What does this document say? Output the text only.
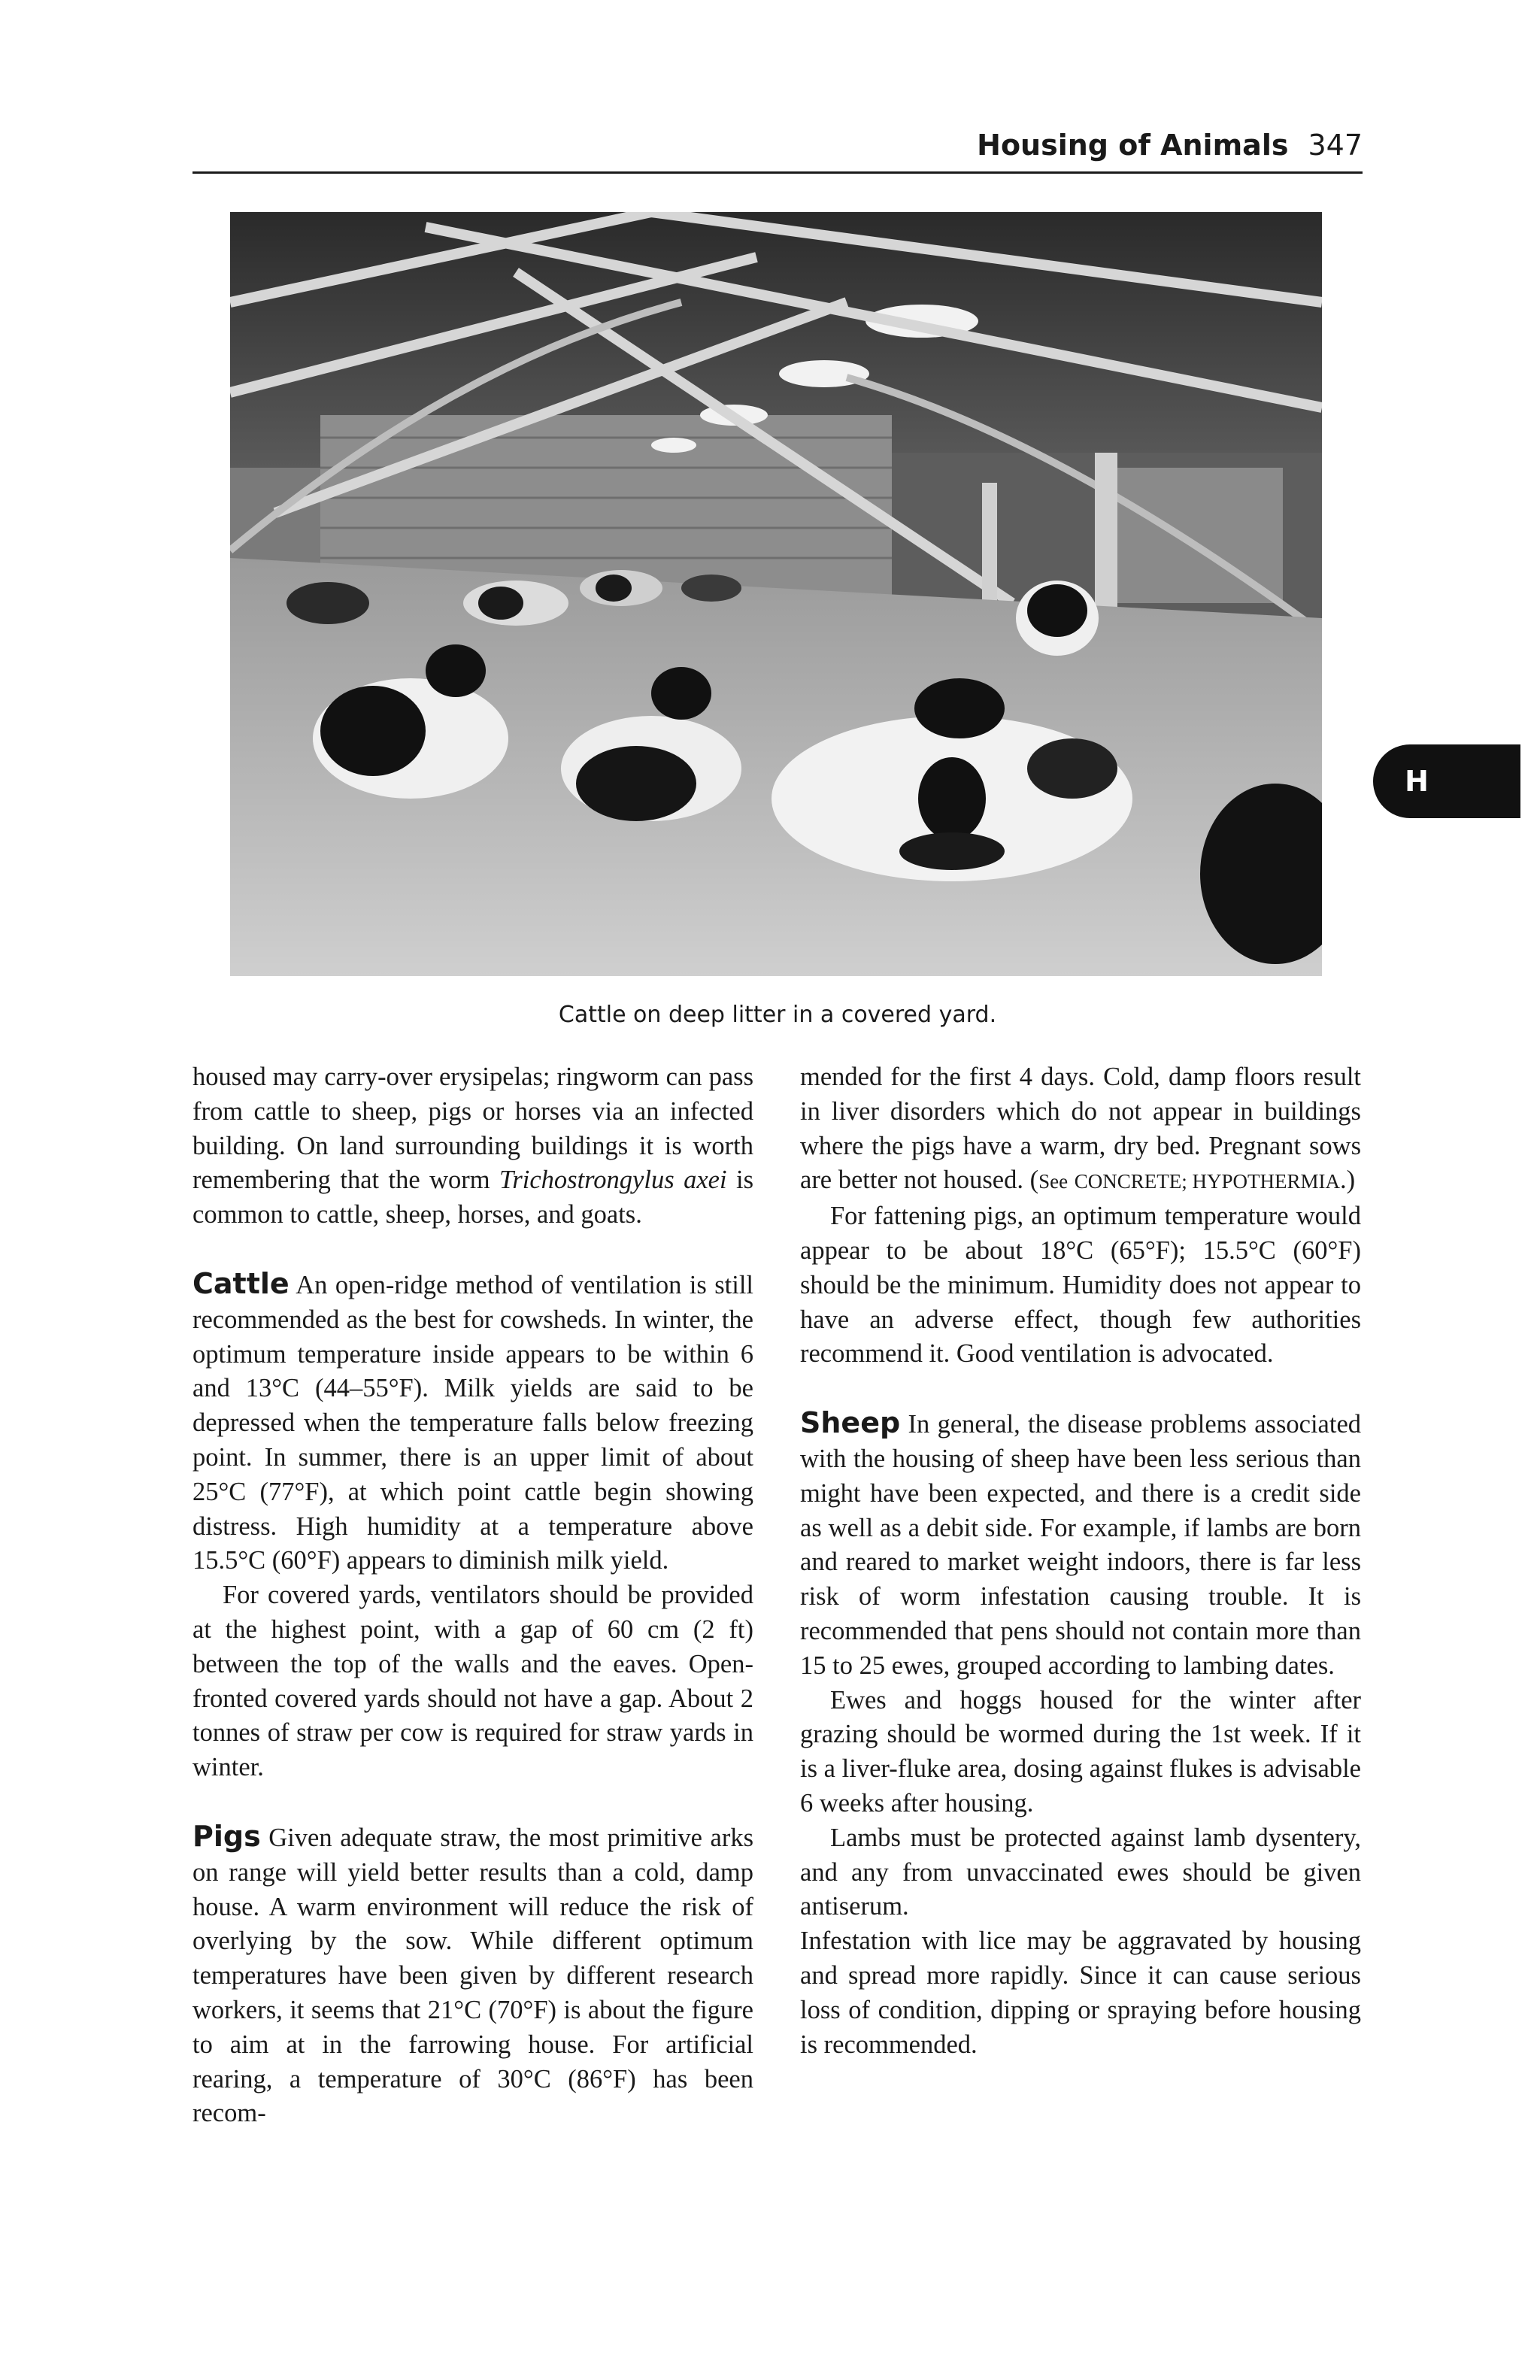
Housing of Animals 347
Cattle on deep litter in a covered yard.
H

housed may carry-over erysipelas; ringworm can pass from cattle to sheep, pigs or horses via an infected building. On land surrounding buildings it is worth remembering that the worm Trichostrongylus axei is common to cattle, sheep, horses, and goats.

Cattle An open-ridge method of ventilation is still recommended as the best for cowsheds. In winter, the optimum temperature inside appears to be within 6 and 13°C (44–55°F). Milk yields are said to be depressed when the temperature falls below freezing point. In summer, there is an upper limit of about 25°C (77°F), at which point cattle begin showing distress. High humidity at a temperature above 15.5°C (60°F) appears to diminish milk yield.

For covered yards, ventilators should be provided at the highest point, with a gap of 60 cm (2 ft) between the top of the walls and the eaves. Open-fronted covered yards should not have a gap. About 2 tonnes of straw per cow is required for straw yards in winter.

Pigs Given adequate straw, the most primitive arks on range will yield better results than a cold, damp house. A warm environment will reduce the risk of overlying by the sow. While different optimum temperatures have been given by different research workers, it seems that 21°C (70°F) is about the figure to aim at in the farrowing house. For artificial rearing, a temperature of 30°C (86°F) has been recom-

mended for the first 4 days. Cold, damp floors result in liver disorders which do not appear in buildings where the pigs have a warm, dry bed. Pregnant sows are better not housed. (See CONCRETE; HYPOTHERMIA.)

For fattening pigs, an optimum temperature would appear to be about 18°C (65°F); 15.5°C (60°F) should be the minimum. Humidity does not appear to have an adverse effect, though few authorities recommend it. Good ventilation is advocated.

Sheep In general, the disease problems associated with the housing of sheep have been less serious than might have been expected, and there is a credit side as well as a debit side. For example, if lambs are born and reared to market weight indoors, there is far less risk of worm infestation causing trouble. It is recommended that pens should not contain more than 15 to 25 ewes, grouped according to lambing dates.

Ewes and hoggs housed for the winter after grazing should be wormed during the 1st week. If it is a liver-fluke area, dosing against flukes is advisable 6 weeks after housing.

Lambs must be protected against lamb dysentery, and any from unvaccinated ewes should be given antiserum.

Infestation with lice may be aggravated by housing and spread more rapidly. Since it can cause serious loss of condition, dipping or spraying before housing is recommended.
